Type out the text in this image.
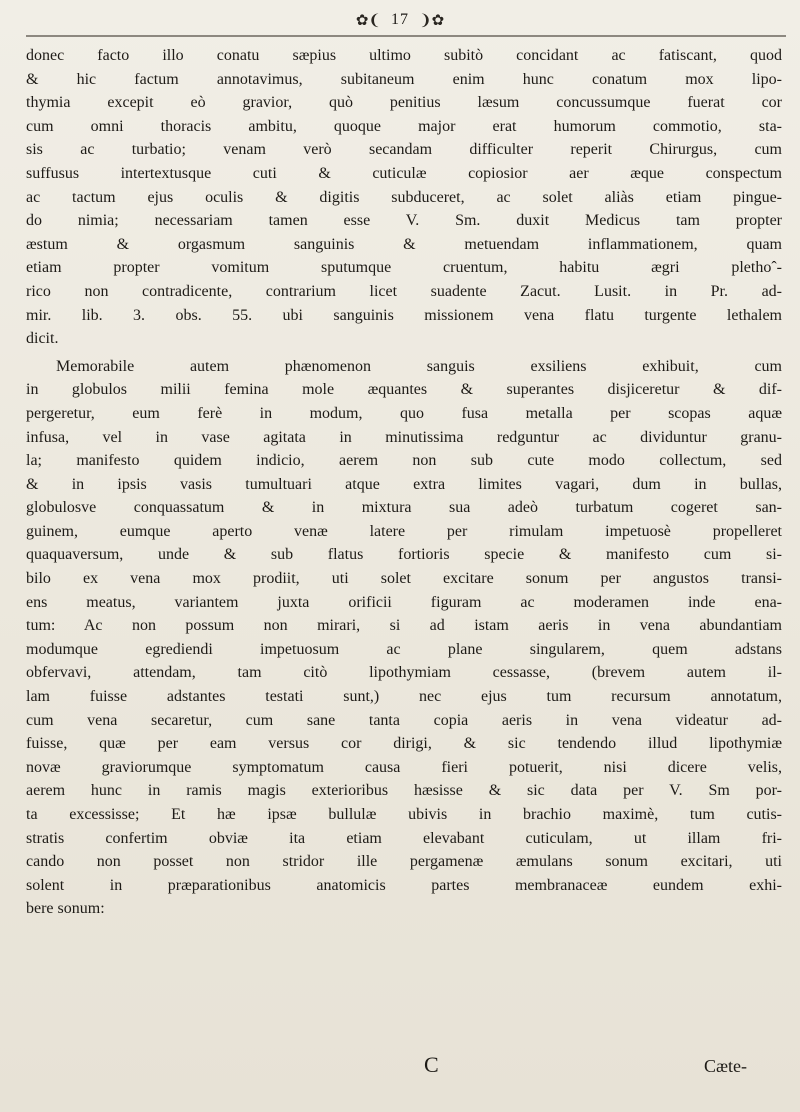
✿❨ 17 ❩✿
donec facto illo conatu sæpius ultimo subitò concidant ac fatiscant, quod
& hic factum annotavimus, subitaneum enim hunc conatum mox lipo-
thymia excepit eò gravior, quò penitius læsum concussumque fuerat cor
cum omni thoracis ambitu, quoque major erat humorum commotio, sta-
sis ac turbatio; venam verò secandam difficulter reperit Chirurgus, cum
suffusus intertextusque cuti & cuticulæ copiosior aer æque conspectum
ac tactum ejus oculis & digitis subduceret, ac solet aliàs etiam pingue-
do nimia; necessariam tamen esse V. Sm. duxit Medicus tam propter
æstum & orgasmum sanguinis & metuendam inflammationem, quam
etiam propter vomitum sputumque cruentum, habitu ægri plethoˆ-
rico non contradicente, contrarium licet suadente Zacut. Lusit. in Pr. ad-
mir. lib. 3. obs. 55. ubi sanguinis missionem vena flatu turgente lethalem
dicit.
Memorabile autem phænomenon sanguis exsiliens exhibuit, cum
in globulos milii femina mole æquantes & superantes disjiceretur & dif-
pergeretur, eum ferè in modum, quo fusa metalla per scopas aquæ
infusa, vel in vase agitata in minutissima redguntur ac dividuntur granu-
la; manifesto quidem indicio, aerem non sub cute modo collectum, sed
& in ipsis vasis tumultuari atque extra limites vagari, dum in bullas,
globulosve conquassatum & in mixtura sua adeò turbatum cogeret san-
guinem, eumque aperto venæ latere per rimulam impetuosè propelleret
quaquaversum, unde & sub flatus fortioris specie & manifesto cum si-
bilo ex vena mox prodiit, uti solet excitare sonum per angustos transi-
ens meatus, variantem juxta orificii figuram ac moderamen inde ena-
tum: Ac non possum non mirari, si ad istam aeris in vena abundantiam
modumque egrediendi impetuosum ac plane singularem, quem adstans
obfervavi, attendam, tam citò lipothymiam cessasse, (brevem autem il-
lam fuisse adstantes testati sunt,) nec ejus tum recursum annotatum,
cum vena secaretur, cum sane tanta copia aeris in vena videatur ad-
fuisse, quæ per eam versus cor dirigi, & sic tendendo illud lipothymiæ
novæ graviorumque symptomatum causa fieri potuerit, nisi dicere velis,
aerem hunc in ramis magis exterioribus hæsisse & sic data per V. Sm por-
ta excessisse; Et hæ ipsæ bullulæ ubivis in brachio maximè, tum cutis-
stratis confertim obviæ ita etiam elevabant cuticulam, ut illam fri-
cando non posset non stridor ille pergamenæ æmulans sonum excitari, uti
solent in præparationibus anatomicis partes membranaceæ eundem exhi-
bere sonum:
C	Cæte-
